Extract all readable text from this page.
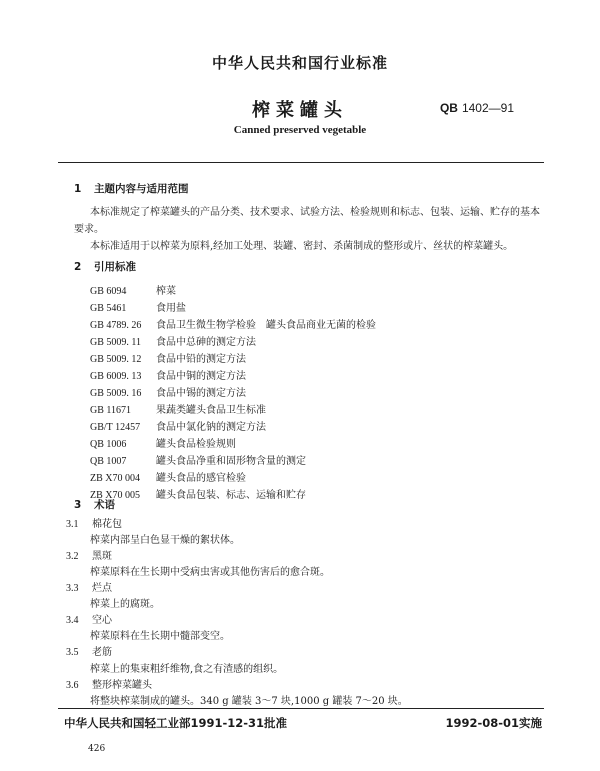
中华人民共和国行业标准
榨菜罐头	QB 1402—91
Canned preserved vegetable
1 主题内容与适用范围
本标准规定了榨菜罐头的产品分类、技术要求、试验方法、检验规则和标志、包装、运输、贮存的基本
要求。
本标准适用于以榨菜为原料,经加工处理、装罐、密封、杀菌制成的整形或片、丝状的榨菜罐头。
2 引用标准
GB 6094	榨菜
GB 5461	食用盐
GB 4789. 26 食品卫生微生物学检验　罐头食品商业无菌的检验
GB 5009. 11 食品中总砷的测定方法
GB 5009. 12 食品中铅的测定方法
GB 6009. 13 食品中铜的测定方法
GB 5009. 16 食品中锡的测定方法
GB 11671 果蔬类罐头食品卫生标准
GB/T 12457 食品中氯化钠的测定方法
QB 1006	罐头食品检验规则
QB 1007	罐头食品净重和固形物含量的测定
ZB X70 004 罐头食品的感官检验
ZB X70 005 罐头食品包装、标志、运输和贮存
3 术语
3.1 棉花包
榨菜内部呈白色显干燥的絮状体。
3.2 黑斑
榨菜原料在生长期中受病虫害或其他伤害后的愈合斑。
3.3 烂点
榨菜上的腐斑。
3.4 空心
榨菜原料在生长期中髓部变空。
3.5 老筋
榨菜上的集束粗纤维物,食之有渣感的组织。
3.6 整形榨菜罐头
中华人民共和国轻工业部1991-12-31批准	1992-08-01实施
426
将整块榨菜制成的罐头。340 g 罐装 3～7 块,1000 g 罐装 7～20 块。
